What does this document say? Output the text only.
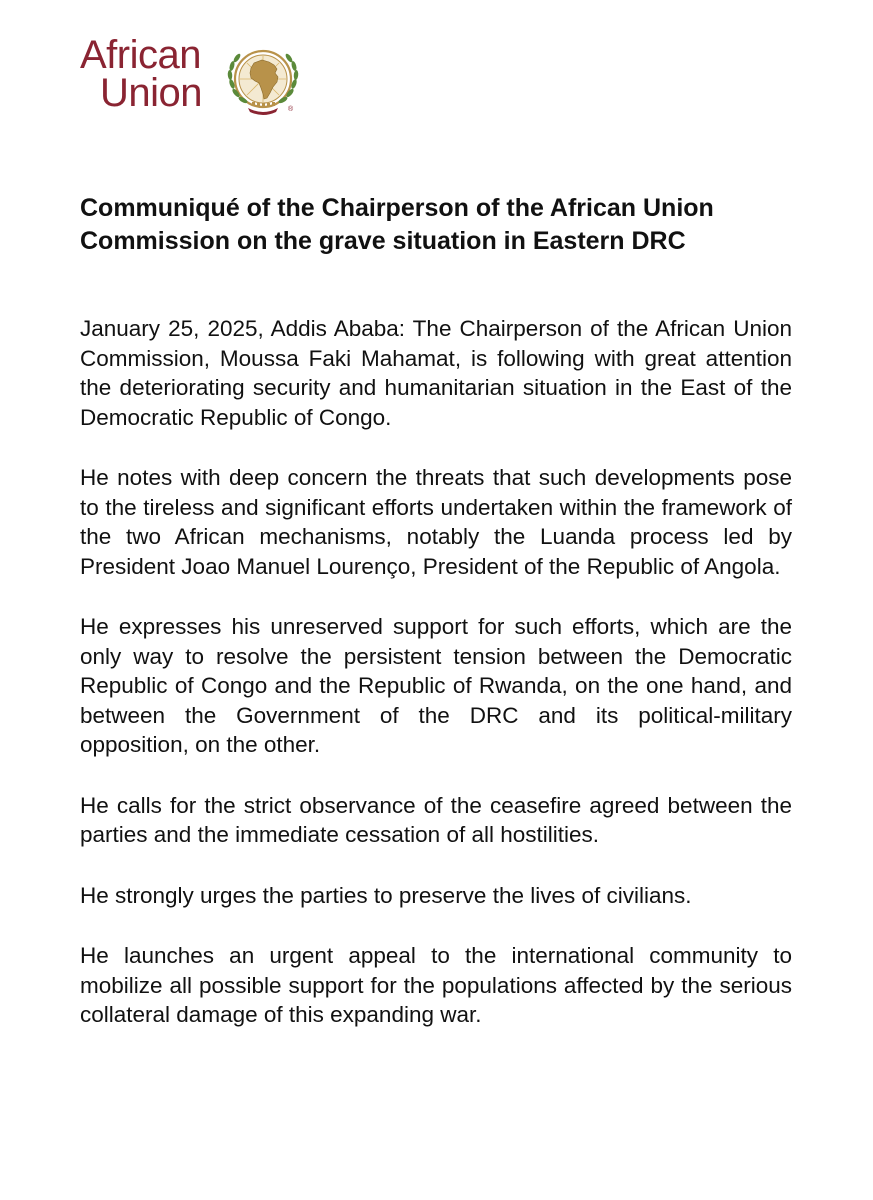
African
Union	®
Communiqué of the Chairperson of the African Union Commission on the grave situation in Eastern DRC

January 25, 2025, Addis Ababa: The Chairperson of the African Union Commission, Moussa Faki Mahamat, is following with great attention the deteriorating security and humanitarian situation in the East of the Democratic Republic of Congo.

He notes with deep concern the threats that such developments pose to the tireless and significant efforts undertaken within the framework of the two African mechanisms, notably the Luanda process led by President Joao Manuel Lourenço, President of the Republic of Angola.

He expresses his unreserved support for such efforts, which are the only way to resolve the persistent tension between the Democratic Republic of Congo and the Republic of Rwanda, on the one hand, and between the Government of the DRC and its political-military opposition, on the other.

He calls for the strict observance of the ceasefire agreed between the parties and the immediate cessation of all hostilities.

He strongly urges the parties to preserve the lives of civilians.

He launches an urgent appeal to the international community to mobilize all possible support for the populations affected by the serious collateral damage of this expanding war.
